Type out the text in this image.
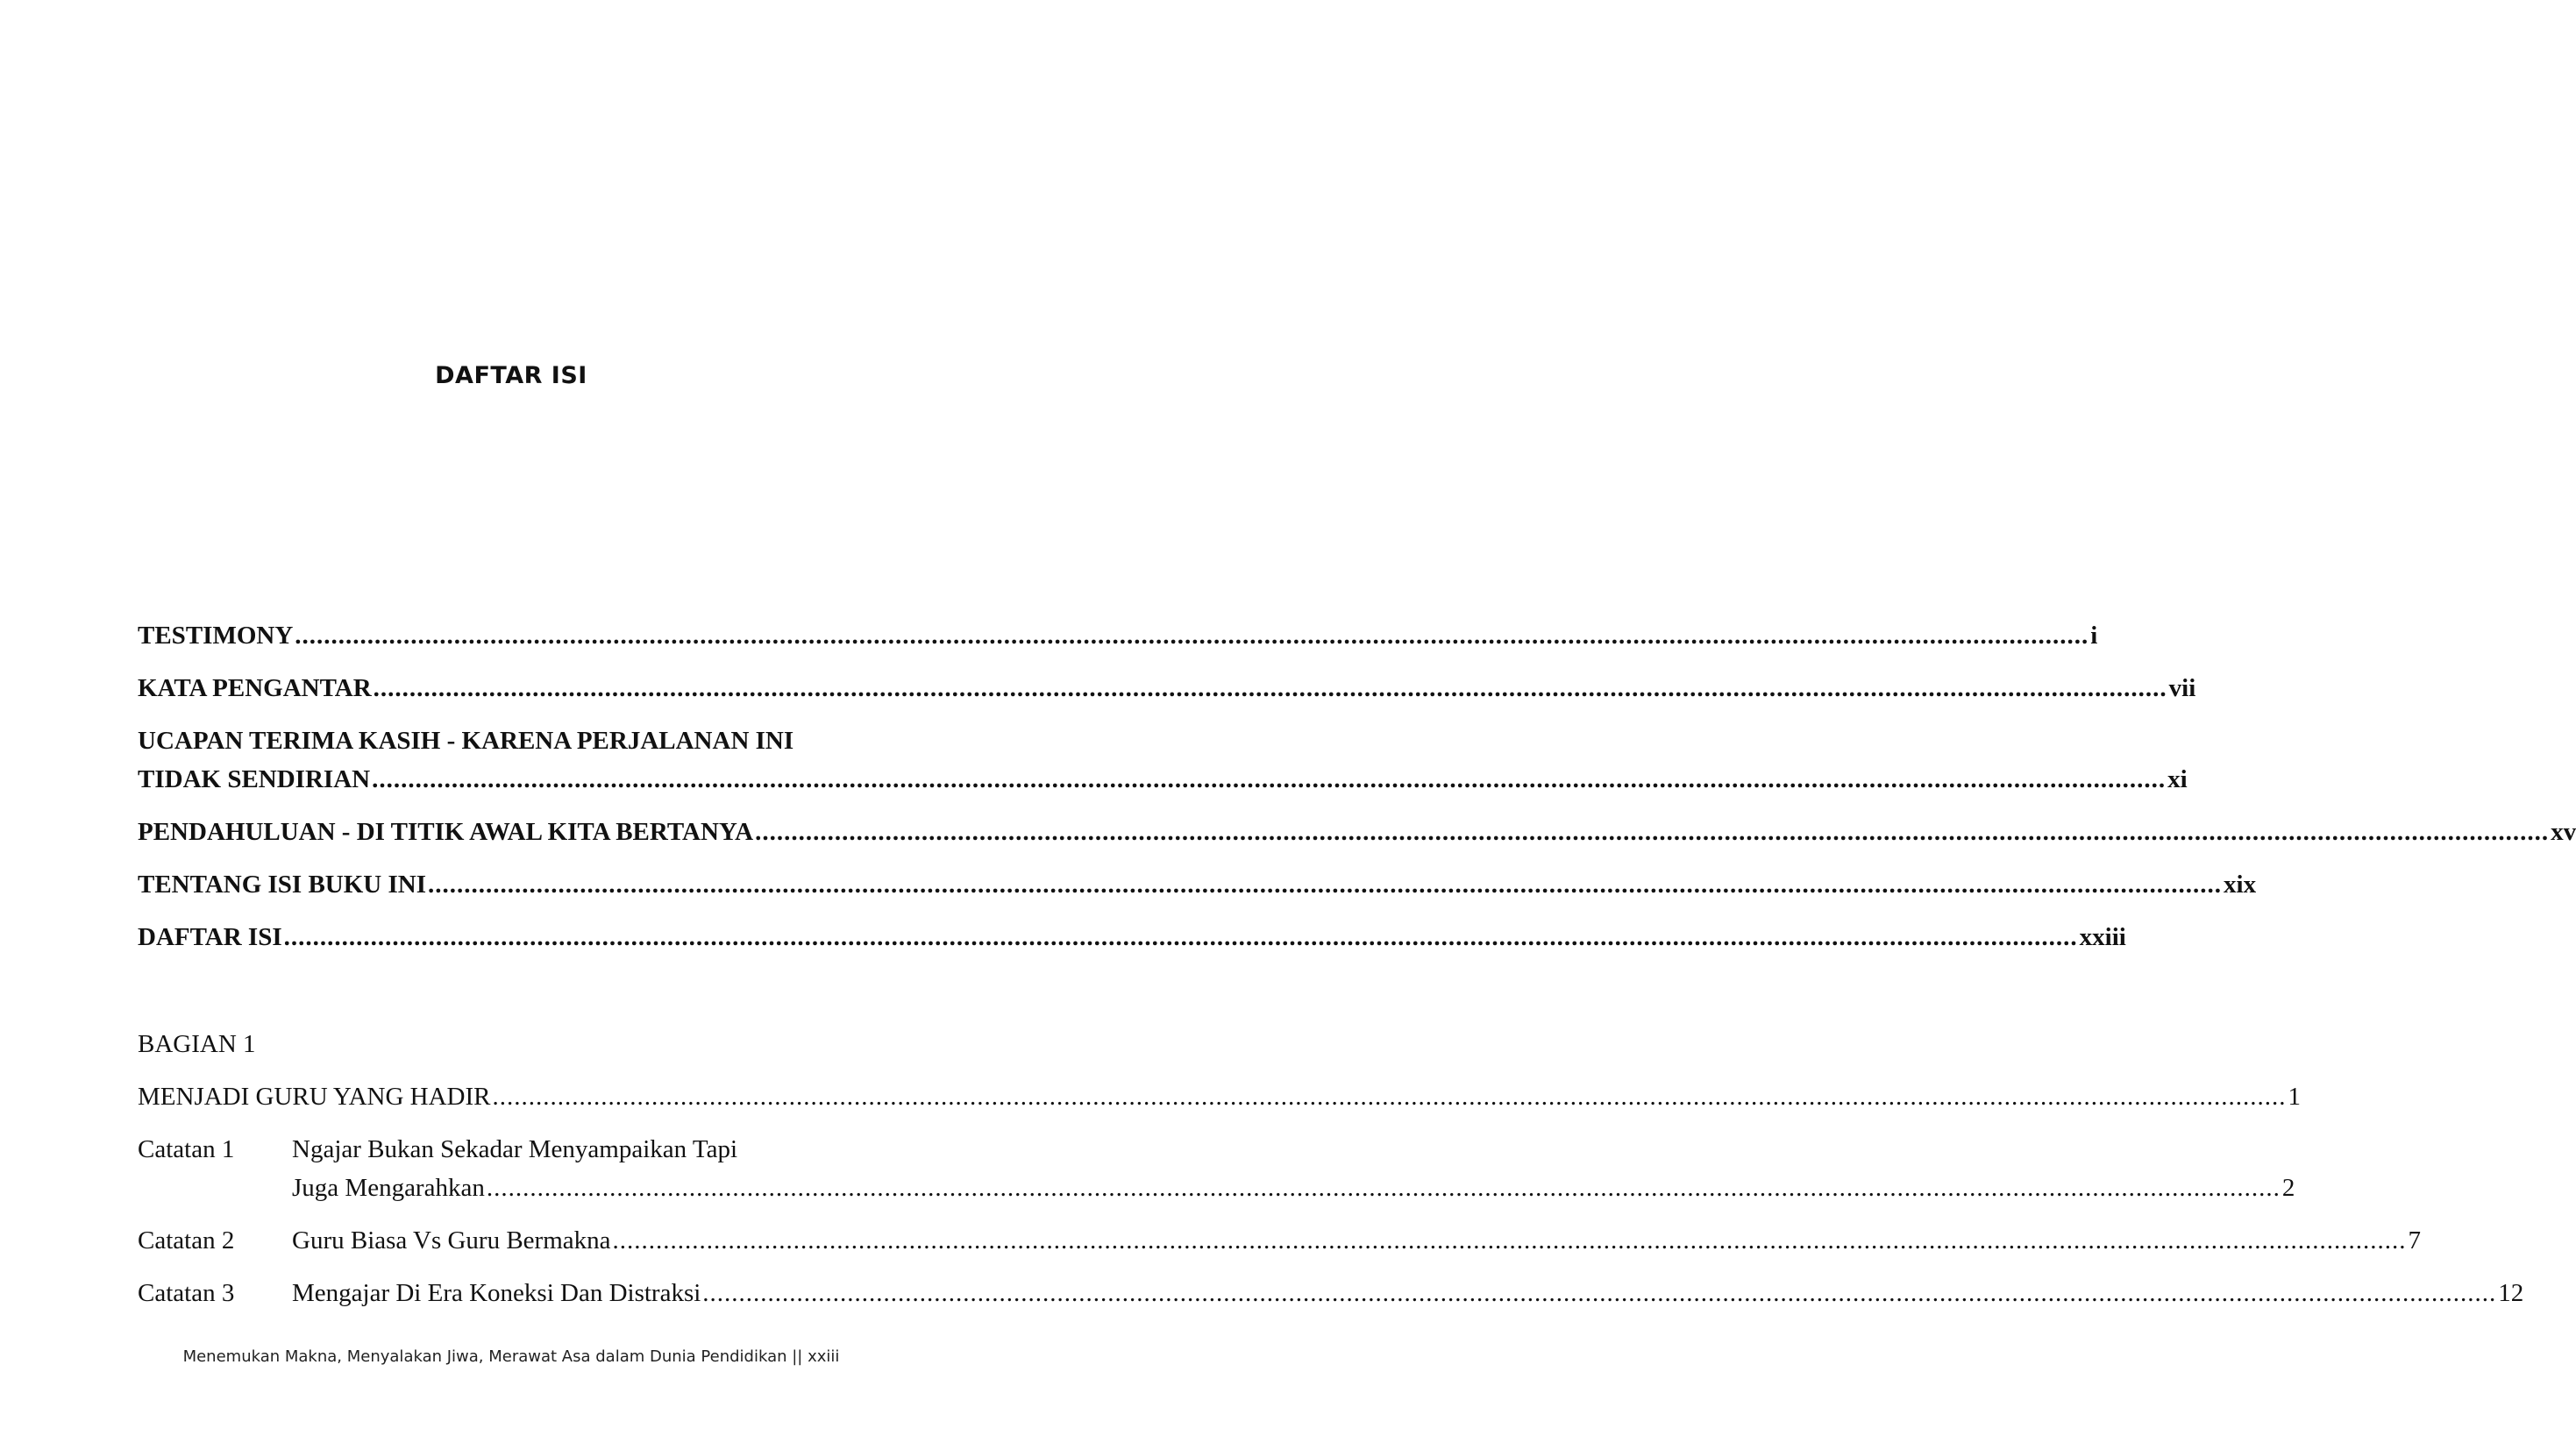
DAFTAR ISI
TESTIMONY .....	i
KATA PENGANTAR .....	vii
UCAPAN TERIMA KASIH - KARENA PERJALANAN INI
TIDAK SENDIRIAN .....	xi
PENDAHULUAN - DI TITIK AWAL KITA BERTANYA .....	xv
TENTANG ISI BUKU INI .....	xix
DAFTAR ISI .....	xxiii
BAGIAN 1
MENJADI GURU YANG HADIR .....	1
Catatan 1	Ngajar Bukan Sekadar Menyampaikan Tapi
Juga Mengarahkan .....	2
Catatan 2	Guru Biasa Vs Guru Bermakna .....	7
Catatan 3	Mengajar Di Era Koneksi Dan Distraksi .....	12
Menemukan Makna, Menyalakan Jiwa, Merawat Asa dalam Dunia Pendidikan || xxiii
